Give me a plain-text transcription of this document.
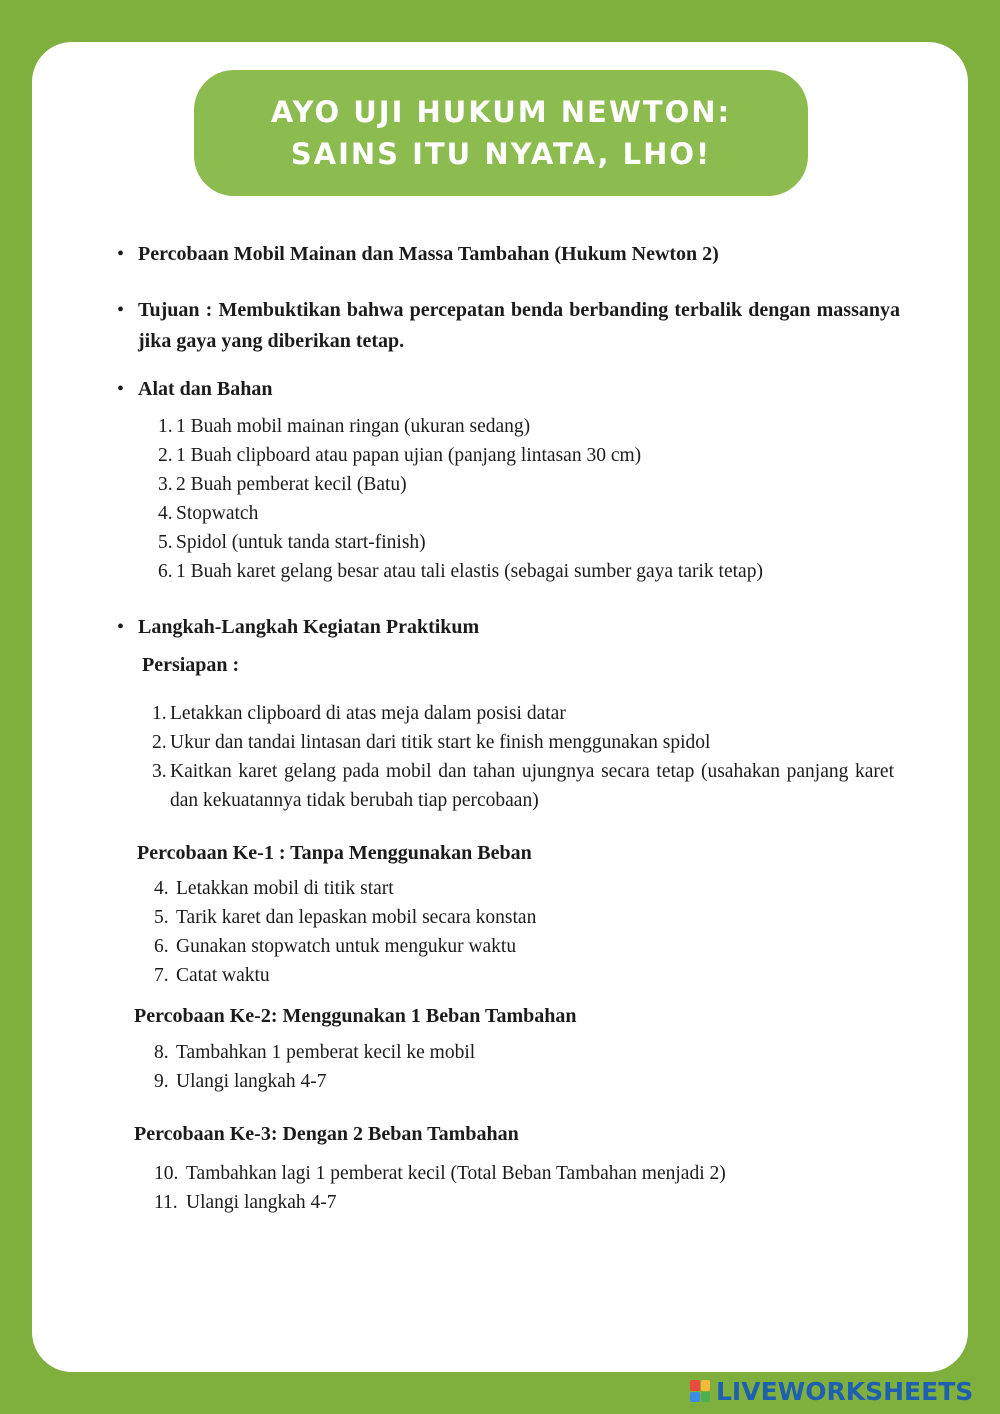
AYO UJI HUKUM NEWTON: SAINS ITU NYATA, LHO!
• Percobaan Mobil Mainan dan Massa Tambahan (Hukum Newton 2)
• Tujuan : Membuktikan bahwa percepatan benda berbanding terbalik dengan massanya jika gaya yang diberikan tetap.
• Alat dan Bahan
1. 1 Buah mobil mainan ringan (ukuran sedang)
2. 1 Buah clipboard atau papan ujian (panjang lintasan 30 cm)
3. 2 Buah pemberat kecil (Batu)
4. Stopwatch
5. Spidol (untuk tanda start-finish)
6. 1 Buah karet gelang besar atau tali elastis (sebagai sumber gaya tarik tetap)
• Langkah-Langkah Kegiatan Praktikum
Persiapan :
1. Letakkan clipboard di atas meja dalam posisi datar
2. Ukur dan tandai lintasan dari titik start ke finish menggunakan spidol
3. Kaitkan karet gelang pada mobil dan tahan ujungnya secara tetap (usahakan panjang karet dan kekuatannya tidak berubah tiap percobaan)
Percobaan Ke-1 : Tanpa Menggunakan Beban
4. Letakkan mobil di titik start
5. Tarik karet dan lepaskan mobil secara konstan
6. Gunakan stopwatch untuk mengukur waktu
7. Catat waktu
Percobaan Ke-2: Menggunakan 1 Beban Tambahan
8. Tambahkan 1 pemberat kecil ke mobil
9. Ulangi langkah 4-7
Percobaan Ke-3: Dengan 2 Beban Tambahan
10. Tambahkan lagi 1 pemberat kecil (Total Beban Tambahan menjadi 2)
11. Ulangi langkah 4-7
LIVEWORKSHEETS
